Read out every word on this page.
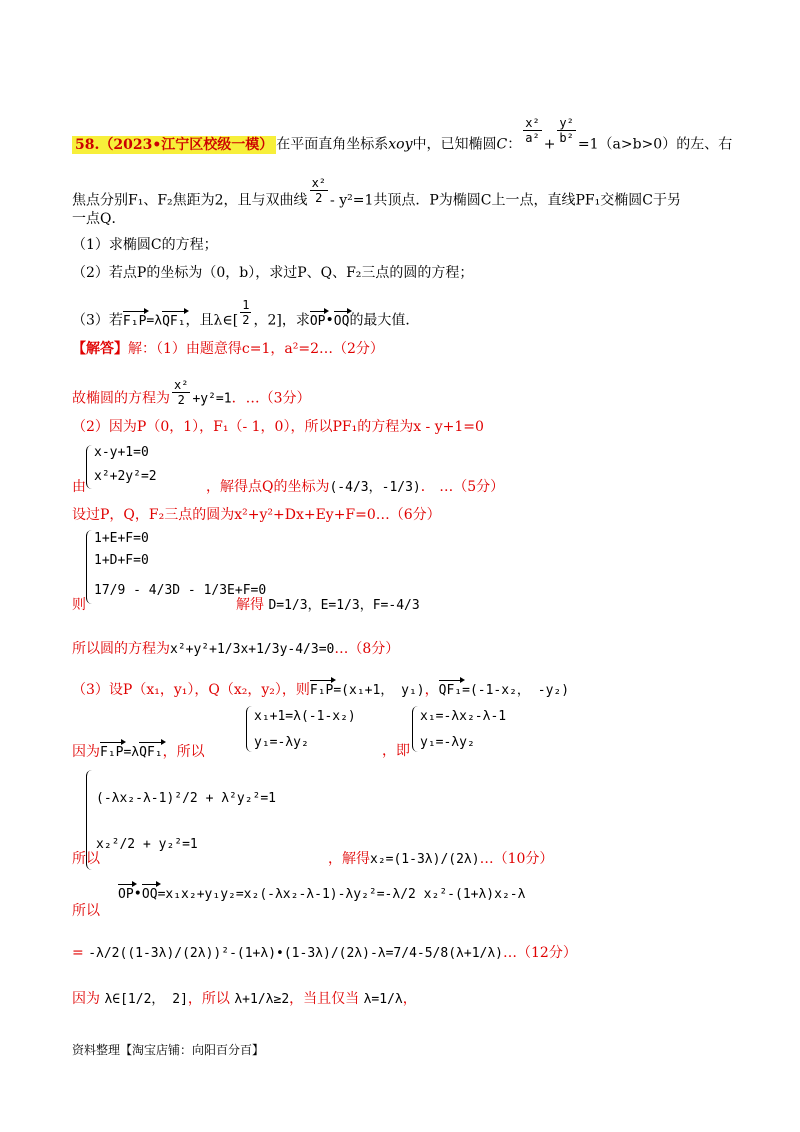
58.（2023•江宁区校级一模） 在平面直角坐标系xoy中，已知椭圆C： $\frac{\text{x²}}{\text{a²}} + \frac{\text{y²}}{\text{b²}} =1(a>b>0)$的左、右
焦点分别F₁、F₂焦距为2，且与双曲线 $\frac{\text{x²}}{2} - y^2=1$共顶点．P为椭圆C上一点，直线PF₁交椭圆C于另
一点Q．
（1）求椭圆C的方程；
（2）若点P的坐标为（0，b），求过P、Q、F₂三点的圆的方程；
（3）若F₁P=λQF₁，且λ∈[ $\frac{1}{2}$ ，2]，求OP•OQ的最大值．
【解答】解：（1）由题意得c=1，a²=2…（2分）
故椭圆的方程为 $\frac{\text{x²}}{2} +y^2=1$．…（3分）
（2）因为P（0，1），F₁（- 1，0），所以PF₁的方程为x - y+1=0
x-y+1=0
x²+2y²=2
由	，解得点Q的坐标为(-4/3，-1/3)． …（5分）
设过P，Q，F₂三点的圆为x²+y²+Dx+Ey+F=0…（6分）
1+E+F=0
1+D+F=0
17/9 - 4/3D - 1/3E+F=0
则	解得 D=1/3，E=1/3，F=-4/3
所以圆的方程为x²+y²+1/3x+1/3y-4/3=0…（8分）
（3）设P（x₁，y₁），Q（x₂，y₂），则F₁P=(x₁+1， y₁)，QF₁=(-1-x₂， -y₂)
x₁+1=λ(-1-x₂)
y₁=-λy₂
x₁=-λx₂-λ-1
y₁=-λy₂
因为F₁P=λQF₁，所以	，即
(-λx₂-λ-1)²/2 + λ²y₂²=1
x₂²/2 + y₂²=1
所以	，解得x₂=(1-3λ)/(2λ)…（10分）
OP•OQ=x₁x₂+y₁y₂=x₂(-λx₂-λ-1)-λy₂²=-λ/2 x₂²-(1+λ)x₂-λ
所以
= -λ/2((1-3λ)/(2λ))²-(1+λ)•(1-3λ)/(2λ)-λ=7/4-5/8(λ+1/λ)…（12分）
因为 λ∈[1/2， 2]，所以 λ+1/λ≥2，当且仅当 λ=1/λ，
资料整理【淘宝店铺：向阳百分百】
